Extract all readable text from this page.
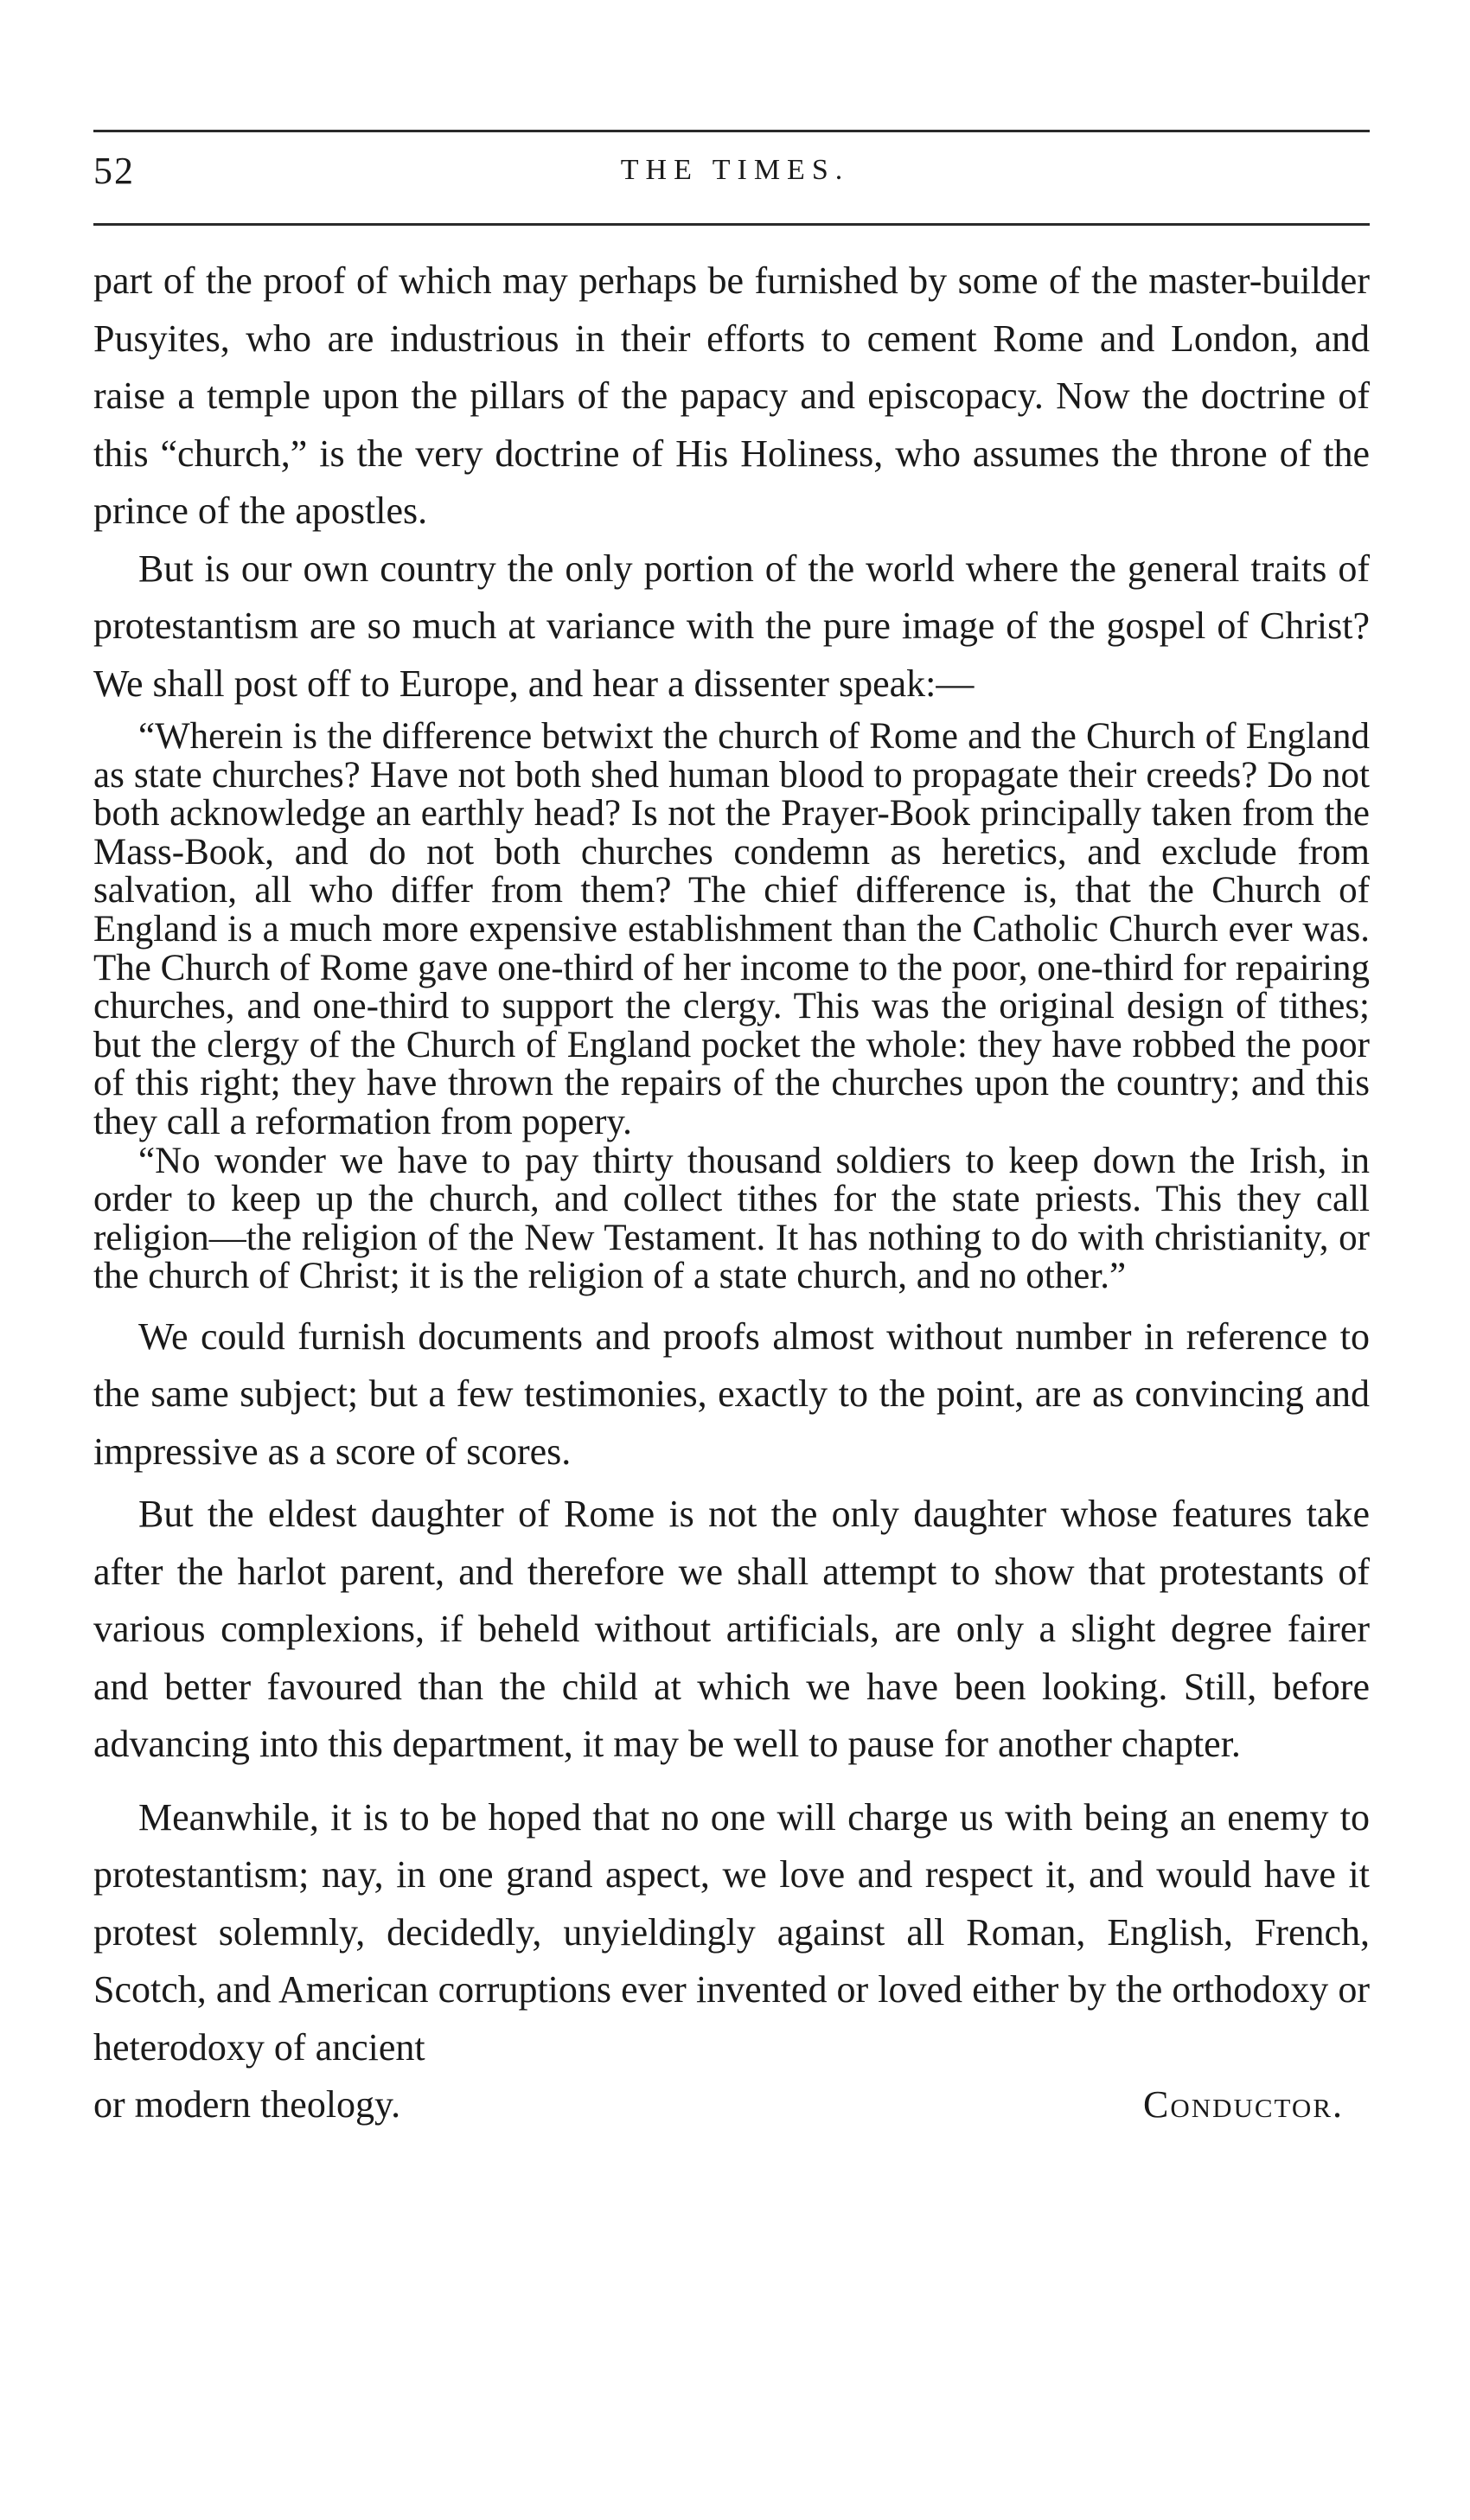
52	THE TIMES.

part of the proof of which may perhaps be furnished by some of the master-builder Pusyites, who are industrious in their efforts to cement Rome and London, and raise a temple upon the pillars of the papacy and episcopacy. Now the doctrine of this “church,” is the very doctrine of His Holiness, who assumes the throne of the prince of the apostles.

But is our own country the only portion of the world where the general traits of protestantism are so much at variance with the pure image of the gospel of Christ? We shall post off to Europe, and hear a dissenter speak:—

“Wherein is the difference betwixt the church of Rome and the Church of England as state churches? Have not both shed human blood to propagate their creeds? Do not both acknowledge an earthly head? Is not the Prayer-Book principally taken from the Mass-Book, and do not both churches condemn as heretics, and exclude from salvation, all who differ from them? The chief difference is, that the Church of England is a much more expensive establishment than the Catholic Church ever was. The Church of Rome gave one-third of her income to the poor, one-third for repairing churches, and one-third to support the clergy. This was the original design of tithes; but the clergy of the Church of England pocket the whole: they have robbed the poor of this right; they have thrown the repairs of the churches upon the country; and this they call a reformation from popery.

“No wonder we have to pay thirty thousand soldiers to keep down the Irish, in order to keep up the church, and collect tithes for the state priests. This they call religion—the religion of the New Testament. It has nothing to do with christianity, or the church of Christ; it is the religion of a state church, and no other.”

We could furnish documents and proofs almost without number in reference to the same subject; but a few testimonies, exactly to the point, are as convincing and impressive as a score of scores.

But the eldest daughter of Rome is not the only daughter whose features take after the harlot parent, and therefore we shall attempt to show that protestants of various complexions, if beheld without artificials, are only a slight degree fairer and better favoured than the child at which we have been looking. Still, before advancing into this department, it may be well to pause for another chapter.

Meanwhile, it is to be hoped that no one will charge us with being an enemy to protestantism; nay, in one grand aspect, we love and respect it, and would have it protest solemnly, decidedly, unyieldingly against all Roman, English, French, Scotch, and American corruptions ever invented or loved either by the orthodoxy or heterodoxy of ancient

or modern theology.	Conductor.
